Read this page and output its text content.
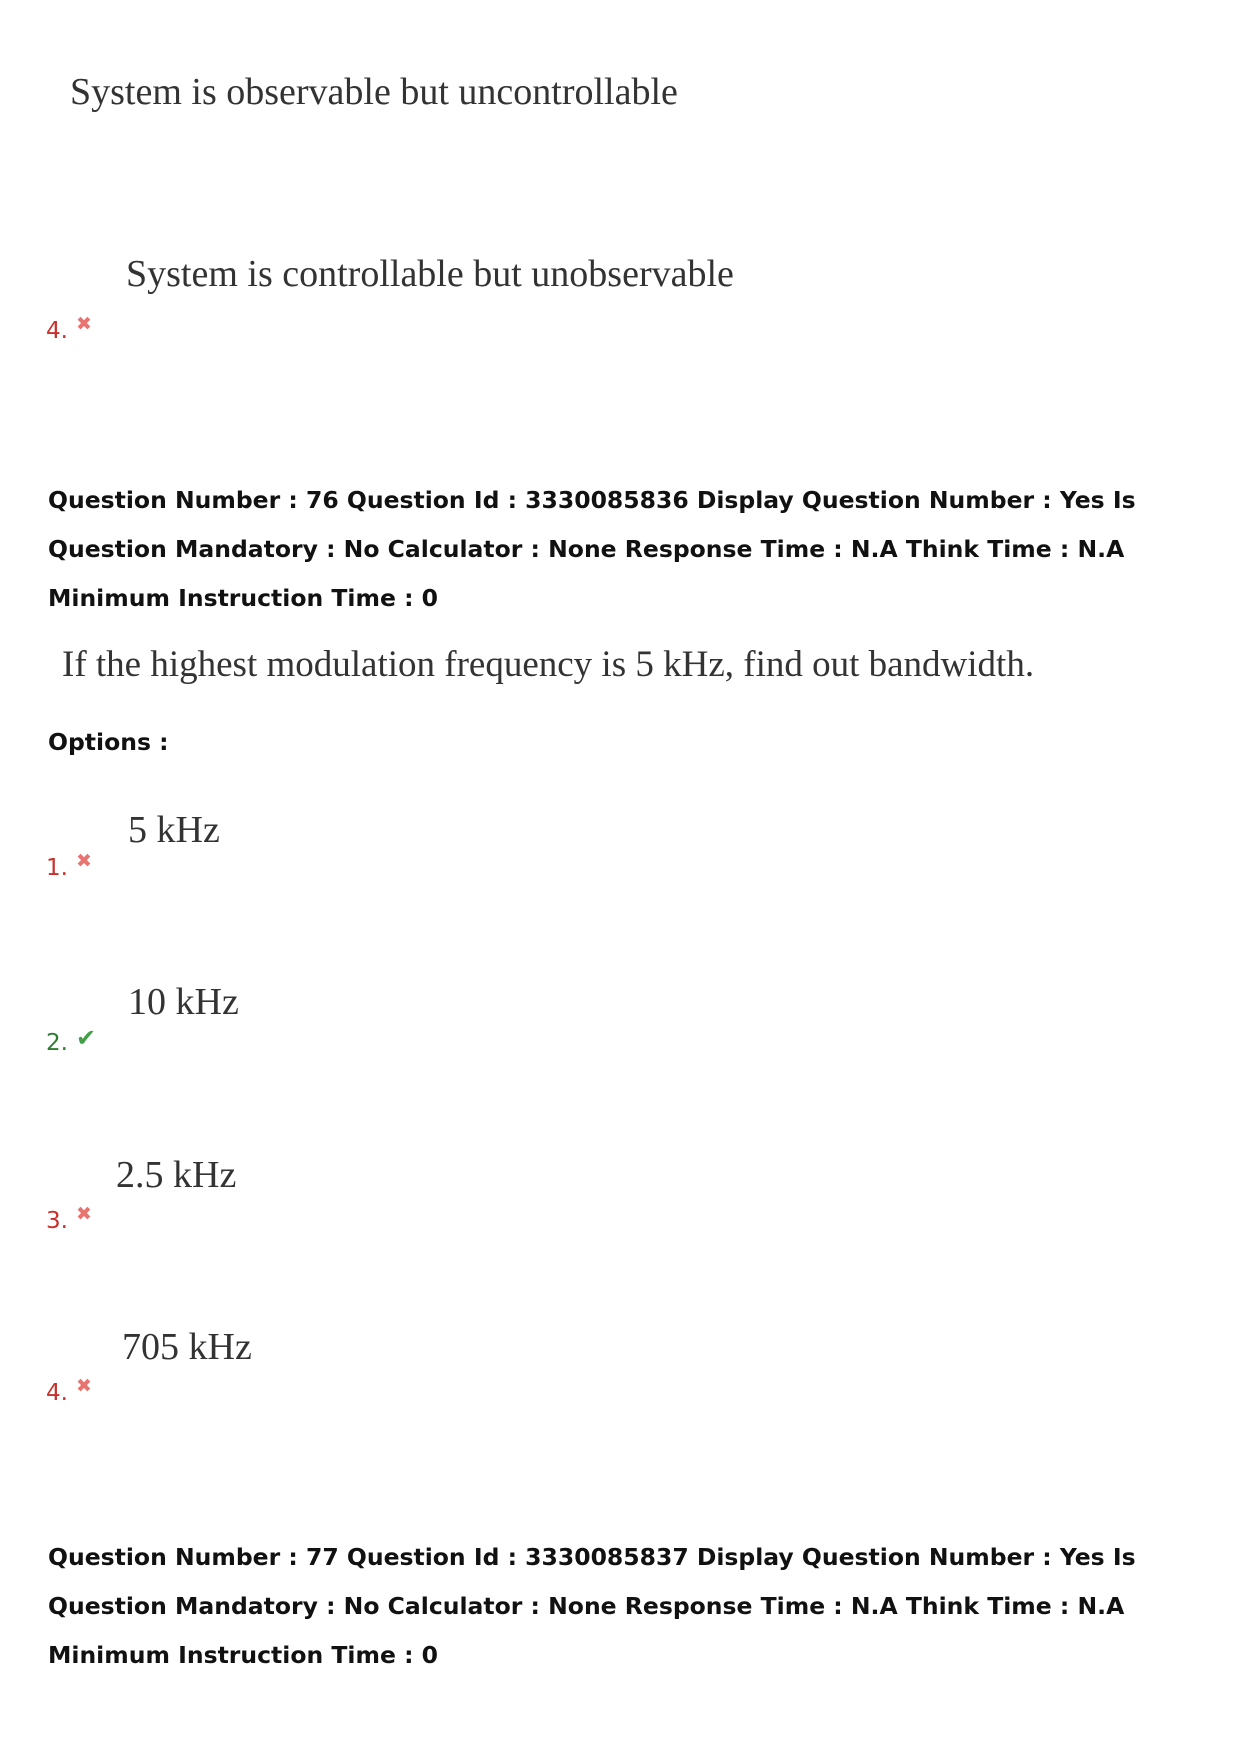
System is observable but uncontrollable
System is controllable but unobservable
4. ✖
Question Number : 76 Question Id : 3330085836 Display Question Number : Yes Is Question Mandatory : No Calculator : None Response Time : N.A Think Time : N.A Minimum Instruction Time : 0
If the highest modulation frequency is 5 kHz, find out bandwidth.
Options :
5 kHz
1. ✖
10 kHz
2. ✔
2.5 kHz
3. ✖
705 kHz
4. ✖
Question Number : 77 Question Id : 3330085837 Display Question Number : Yes Is Question Mandatory : No Calculator : None Response Time : N.A Think Time : N.A Minimum Instruction Time : 0
